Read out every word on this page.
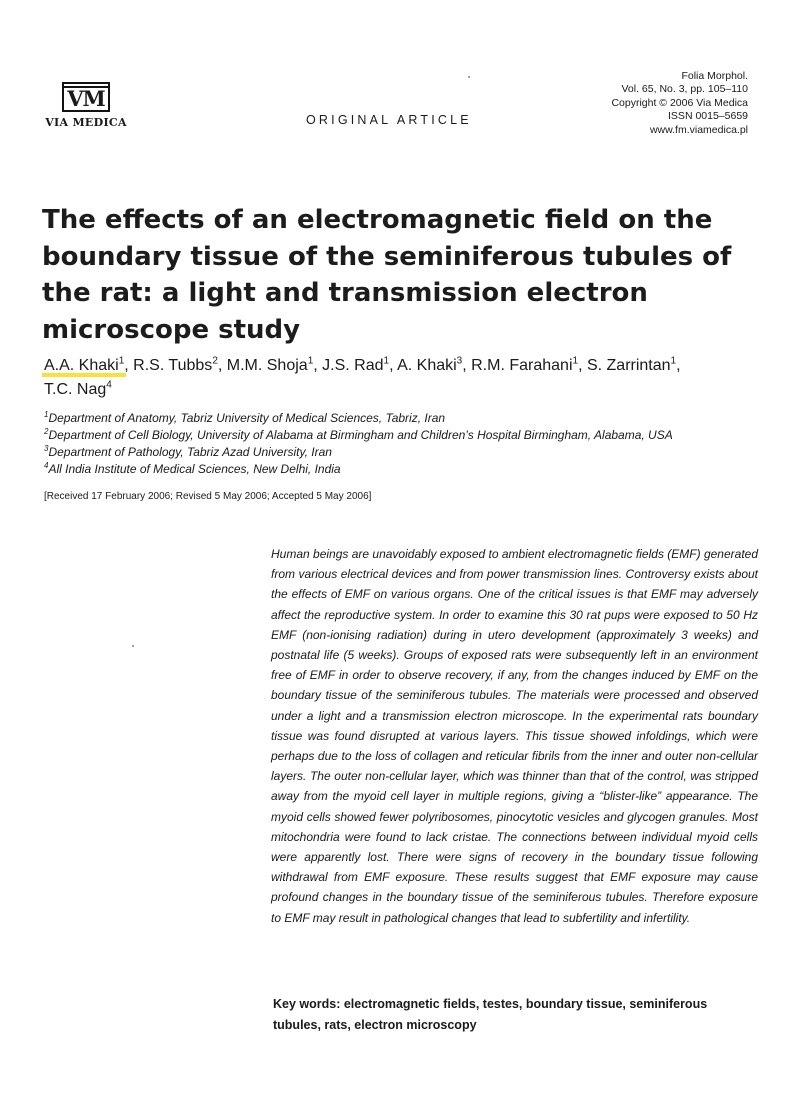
VM
VIA MEDICA	ORIGINAL ARTICLE
Folia Morphol.
Vol. 65, No. 3, pp. 105–110
Copyright © 2006 Via Medica
ISSN 0015–5659
www.fm.viamedica.pl
The effects of an electromagnetic field on the boundary tissue of the seminiferous tubules of the rat: a light and transmission electron microscope study
A.A. Khaki$^1$, R.S. Tubbs$^2$, M.M. Shoja$^1$, J.S. Rad$^1$, A. Khaki$^3$, R.M. Farahani$^1$, S. Zarrintan$^1$,
T.C. Nag$^4$
$^1$Department of Anatomy, Tabriz University of Medical Sciences, Tabriz, Iran
$^2$Department of Cell Biology, University of Alabama at Birmingham and Children’s Hospital Birmingham, Alabama, USA
$^3$Department of Pathology, Tabriz Azad University, Iran
$^4$All India Institute of Medical Sciences, New Delhi, India
[Received 17 February 2006; Revised 5 May 2006; Accepted 5 May 2006]

Human beings are unavoidably exposed to ambient electromagnetic fields (EMF) generated from various electrical devices and from power transmission lines. Controversy exists about the effects of EMF on various organs. One of the critical issues is that EMF may adversely affect the reproductive system. In order to examine this 30 rat pups were exposed to 50 Hz EMF (non-ionising radiation) during in utero development (approximately 3 weeks) and postnatal life (5 weeks). Groups of exposed rats were subsequently left in an environment free of EMF in order to observe recovery, if any, from the changes induced by EMF on the boundary tissue of the seminiferous tubules. The materials were processed and observed under a light and a transmission electron microscope. In the experimental rats boundary tissue was found disrupted at various layers. This tissue showed infoldings, which were perhaps due to the loss of collagen and reticular fibrils from the inner and outer non-cellular layers. The outer non-cellular layer, which was thinner than that of the control, was stripped away from the myoid cell layer in multiple regions, giving a “blister-like” appearance. The myoid cells showed fewer polyribosomes, pinocytotic vesicles and glycogen granules. Most mitochondria were found to lack cristae. The connections between individual myoid cells were apparently lost. There were signs of recovery in the boundary tissue following withdrawal from EMF exposure. These results suggest that EMF exposure may cause profound changes in the boundary tissue of the seminiferous tubules. Therefore exposure to EMF may result in pathological changes that lead to subfertility and infertility.

Key words: electromagnetic fields, testes, boundary tissue, seminiferous tubules, rats, electron microscopy
